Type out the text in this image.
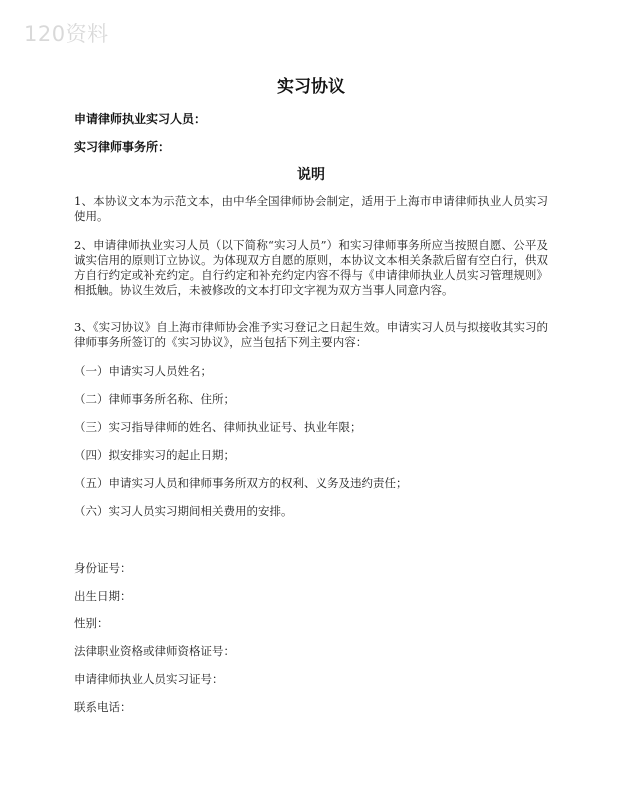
120资料
实习协议
申请律师执业实习人员：
实习律师事务所：
说明
1、本协议文本为示范文本，由中华全国律师协会制定，适用于上海市申请律师执业人员实习使用。
2、申请律师执业实习人员（以下简称“实习人员”）和实习律师事务所应当按照自愿、公平及诚实信用的原则订立协议。为体现双方自愿的原则，本协议文本相关条款后留有空白行，供双方自行约定或补充约定。自行约定和补充约定内容不得与《申请律师执业人员实习管理规则》相抵触。协议生效后，未被修改的文本打印文字视为双方当事人同意内容。
3、《实习协议》自上海市律师协会准予实习登记之日起生效。申请实习人员与拟接收其实习的律师事务所签订的《实习协议》，应当包括下列主要内容：
（一）申请实习人员姓名；
（二）律师事务所名称、住所；
（三）实习指导律师的姓名、律师执业证号、执业年限；
（四）拟安排实习的起止日期；
（五）申请实习人员和律师事务所双方的权利、义务及违约责任；
（六）实习人员实习期间相关费用的安排。
身份证号：
出生日期：
性别：
法律职业资格或律师资格证号：
申请律师执业人员实习证号：
联系电话：
